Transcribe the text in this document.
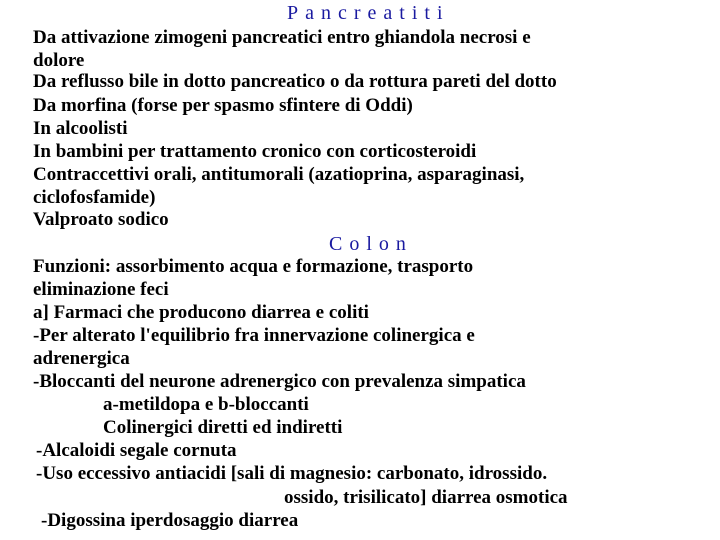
Pancreatiti
Da attivazione zimogeni pancreatici entro ghiandola necrosi e
dolore
Da reflusso bile in dotto pancreatico o da rottura pareti del dotto
Da morfina (forse per spasmo sfintere di Oddi)
In alcoolisti
In bambini per trattamento cronico con corticosteroidi
Contraccettivi orali, antitumorali (azatioprina, asparaginasi,
ciclofosfamide)
Valproato sodico
Colon
Funzioni: assorbimento acqua e formazione, trasporto
eliminazione feci
a] Farmaci che producono diarrea e coliti
-Per alterato l'equilibrio fra innervazione colinergica e
adrenergica
-Bloccanti del neurone adrenergico con prevalenza simpatica
a-metildopa e b-bloccanti
Colinergici diretti ed indiretti
-Alcaloidi segale cornuta
-Uso eccessivo antiacidi [sali di magnesio: carbonato, idrossido.
ossido, trisilicato] diarrea osmotica
-Digossina iperdosaggio diarrea
